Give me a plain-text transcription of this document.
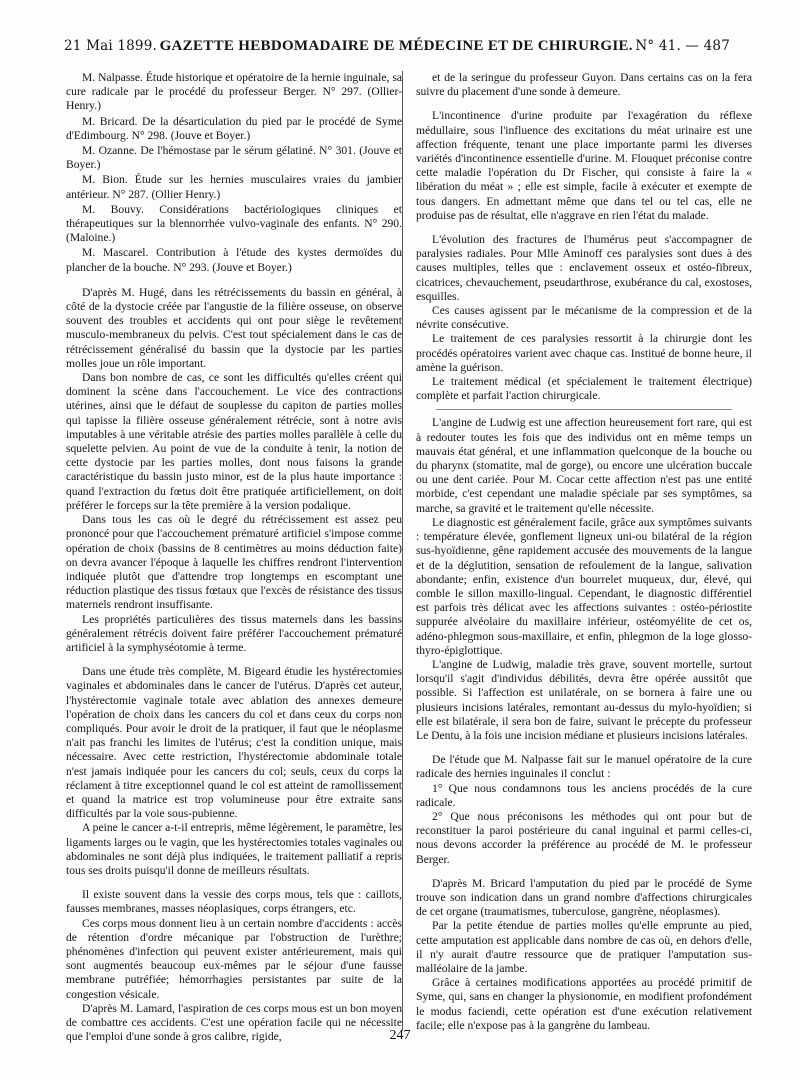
21 Mai 1899. GAZETTE HEBDOMADAIRE DE MÉDECINE ET DE CHIRURGIE. N° 41. — 487

M. Nalpasse. Étude historique et opératoire de la hernie inguinale, sa cure radicale par le procédé du professeur Berger. N° 297. (Ollier-Henry.)

M. Bricard. De la désarticulation du pied par le procédé de Syme d'Edimbourg. N° 298. (Jouve et Boyer.)

M. Ozanne. De l'hémostase par le sérum gélatiné. N° 301. (Jouve et Boyer.)

M. Bion. Étude sur les hernies musculaires vraies du jambier antérieur. N° 287. (Ollier Henry.)

M. Bouvy. Considérations bactériologiques cliniques et thérapeutiques sur la blennorrhée vulvo-vaginale des enfants. N° 290. (Maloine.)

M. Mascarel. Contribution à l'étude des kystes dermoïdes du plancher de la bouche. N° 293. (Jouve et Boyer.)

D'après M. Hugé, dans les rétrécissements du bassin en général, à côté de la dystocie créée par l'angustie de la filière osseuse, on observe souvent des troubles et accidents qui ont pour siège le revêtement musculo-membraneux du pelvis. C'est tout spécialement dans le cas de rétrécissement généralisé du bassin que la dystocie par les parties molles joue un rôle important.

Dans bon nombre de cas, ce sont les difficultés qu'elles créent qui dominent la scène dans l'accouchement. Le vice des contractions utérines, ainsi que le défaut de souplesse du capiton de parties molles qui tapisse la filière osseuse généralement rétrécie, sont à notre avis imputables à une véritable atrésie des parties molles parallèle à celle du squelette pelvien. Au point de vue de la conduite à tenir, la notion de cette dystocie par les parties molles, dont nous faisons la grande caractéristique du bassin justo minor, est de la plus haute importance : quand l'extraction du fœtus doit être pratiquée artificiellement, on doit préférer le forceps sur la tête première à la version podalique.

Dans tous les cas où le degré du rétrécissement est assez peu prononcé pour que l'accouchement prématuré artificiel s'impose comme opération de choix (bassins de 8 centimètres au moins déduction faite) on devra avancer l'époque à laquelle les chiffres rendront l'intervention indiquée plutôt que d'attendre trop longtemps en escomptant une réduction plastique des tissus fœtaux que l'excès de résistance des tissus maternels rendront insuffisante.

Les propriétés particulières des tissus maternels dans les bassins généralement rétrécis doivent faire préférer l'accouchement prématuré artificiel à la symphyséotomie à terme.

Dans une étude très complète, M. Bigeard étudie les hystérectomies vaginales et abdominales dans le cancer de l'utérus. D'après cet auteur, l'hystérectomie vaginale totale avec ablation des annexes demeure l'opération de choix dans les cancers du col et dans ceux du corps non compliqués. Pour avoir le droit de la pratiquer, il faut que le néoplasme n'ait pas franchi les limites de l'utérus; c'est la condition unique, mais nécessaire. Avec cette restriction, l'hystérectomie abdominale totale n'est jamais indiquée pour les cancers du col; seuls, ceux du corps la réclament à titre exceptionnel quand le col est atteint de ramollissement et quand la matrice est trop volumineuse pour être extraite sans difficultés par la voie sous-pubienne.

A peine le cancer a-t-il entrepris, même légèrement, le paramètre, les ligaments larges ou le vagin, que les hystérectomies totales vaginales ou abdominales ne sont déjà plus indiquées, le traitement palliatif a repris tous ses droits puisqu'il donne de meilleurs résultats.

Il existe souvent dans la vessie des corps mous, tels que : caillots, fausses membranes, masses néoplasiques, corps étrangers, etc.

Ces corps mous donnent lieu à un certain nombre d'accidents : accès de rétention d'ordre mécanique par l'obstruction de l'urèthre; phénomènes d'infection qui peuvent exister antérieurement, mais qui sont augmentés beaucoup eux-mêmes par le séjour d'une fausse membrane putréfiée; hémorrhagies persistantes par suite de la congestion vésicale.

D'après M. Lamard, l'aspiration de ces corps mous est un bon moyen de combattre ces accidents. C'est une opération facile qui ne nécessite que l'emploi d'une sonde à gros calibre, rigide,

et de la seringue du professeur Guyon. Dans certains cas on la fera suivre du placement d'une sonde à demeure.

L'incontinence d'urine produite par l'exagération du réflexe médullaire, sous l'influence des excitations du méat urinaire est une affection fréquente, tenant une place importante parmi les diverses variétés d'incontinence essentielle d'urine. M. Flouquet préconise contre cette maladie l'opération du Dr Fischer, qui consiste à faire la « libération du méat » ; elle est simple, facile à exécuter et exempte de tous dangers. En admettant même que dans tel ou tel cas, elle ne produise pas de résultat, elle n'aggrave en rien l'état du malade.

L'évolution des fractures de l'humérus peut s'accompagner de paralysies radiales. Pour Mlle Aminoff ces paralysies sont dues à des causes multiples, telles que : enclavement osseux et ostéo-fibreux, cicatrices, chevauchement, pseudarthrose, exubérance du cal, exostoses, esquilles.

Ces causes agissent par le mécanisme de la compression et de la névrite consécutive.

Le traitement de ces paralysies ressortit à la chirurgie dont les procédés opératoires varient avec chaque cas. Institué de bonne heure, il amène la guérison.

Le traitement médical (et spécialement le traitement électrique) complète et parfait l'action chirurgicale.

L'angine de Ludwig est une affection heureusement fort rare, qui est à redouter toutes les fois que des individus ont en même temps un mauvais état général, et une inflammation quelconque de la bouche ou du pharynx (stomatite, mal de gorge), ou encore une ulcération buccale ou une dent cariée. Pour M. Cocar cette affection n'est pas une entité morbide, c'est cependant une maladie spéciale par ses symptômes, sa marche, sa gravité et le traitement qu'elle nécessite.

Le diagnostic est généralement facile, grâce aux symptômes suivants : température élevée, gonflement ligneux uni-ou bilatéral de la région sus-hyoïdienne, gêne rapidement accusée des mouvements de la langue et de la déglutition, sensation de refoulement de la langue, salivation abondante; enfin, existence d'un bourrelet muqueux, dur, élevé, qui comble le sillon maxillo-lingual. Cependant, le diagnostic différentiel est parfois très délicat avec les affections suivantes : ostéo-périostite suppurée alvéolaire du maxillaire inférieur, ostéomyélite de cet os, adéno-phlegmon sous-maxillaire, et enfin, phlegmon de la loge glosso-thyro-épiglottique.

L'angine de Ludwig, maladie très grave, souvent mortelle, surtout lorsqu'il s'agit d'individus débilités, devra être opérée aussitôt que possible. Si l'affection est unilatérale, on se bornera à faire une ou plusieurs incisions latérales, remontant au-dessus du mylo-hyoïdien; si elle est bilatérale, il sera bon de faire, suivant le précepte du professeur Le Dentu, à la fois une incision médiane et plusieurs incisions latérales.

De l'étude que M. Nalpasse fait sur le manuel opératoire de la cure radicale des hernies inguinales il conclut :

1° Que nous condamnons tous les anciens procédés de la cure radicale.

2° Que nous préconisons les méthodes qui ont pour but de reconstituer la paroi postérieure du canal inguinal et parmi celles-ci, nous devons accorder la préférence au procédé de M. le professeur Berger.

D'après M. Bricard l'amputation du pied par le procédé de Syme trouve son indication dans un grand nombre d'affections chirurgicales de cet organe (traumatismes, tuberculose, gangrène, néoplasmes).

Par la petite étendue de parties molles qu'elle emprunte au pied, cette amputation est applicable dans nombre de cas où, en dehors d'elle, il n'y aurait d'autre ressource que de pratiquer l'amputation sus-malléolaire de la jambe.

Grâce à certaines modifications apportées au procédé primitif de Syme, qui, sans en changer la physionomie, en modifient profondément le modus faciendi, cette opération est d'une exécution relativement facile; elle n'expose pas à la gangrène du lambeau.

247
